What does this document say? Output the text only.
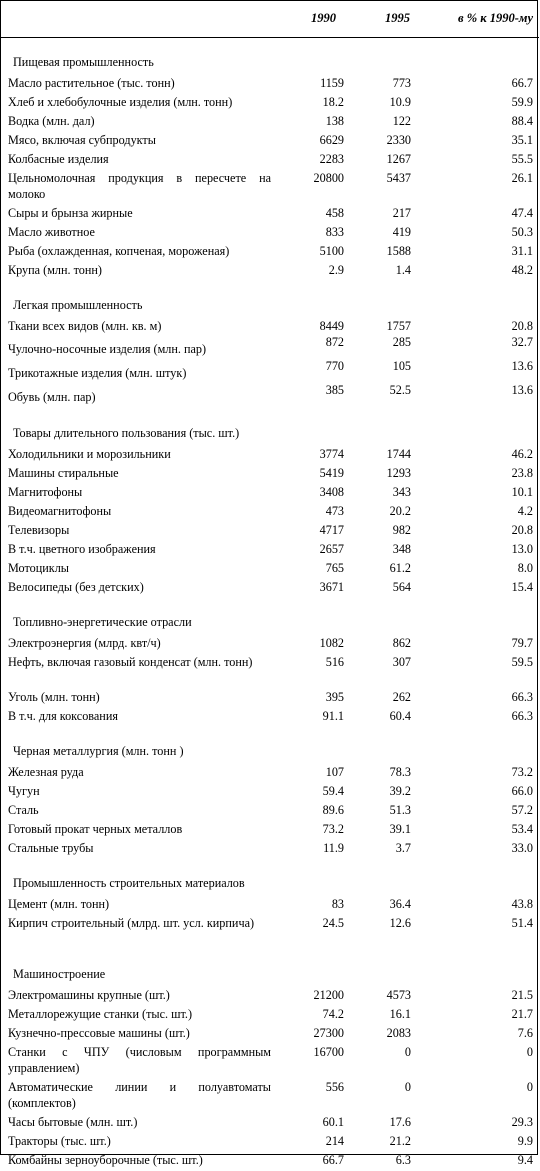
1990	1995	в % к 1990-му
Пищевая промышленность
Масло растительное (тыс. тонн)	1159	773	66.7
Хлеб и хлебобулочные изделия (млн. тонн)	18.2	10.9	59.9
Водка (млн. дал)	138	122	88.4
Мясо, включая субпродукты	6629	2330	35.1
Колбасные изделия	2283	1267	55.5
Цельномолочная продукция в пересчете на молоко
20800	5437	26.1
Сыры и брынза жирные	458	217	47.4
Масло животное	833	419	50.3
Рыба (охлажденная, копченая, мороженая)	5100	1588	31.1
Крупа (млн. тонн)	2.9	1.4	48.2
Легкая промышленность
Ткани всех видов (млн. кв. м)	8449	1757	20.8
Чулочно-носочные изделия (млн. пар)	872	285	32.7
Трикотажные изделия (млн. штук)	770	105	13.6
Обувь (млн. пар)	385	52.5	13.6
Товары длительного пользования (тыс. шт.)
Холодильники и морозильники	3774	1744	46.2
Машины стиральные	5419	1293	23.8
Магнитофоны	3408	343	10.1
Видеомагнитофоны	473	20.2	4.2
Телевизоры	4717	982	20.8
В т.ч. цветного изображения	2657	348	13.0
Мотоциклы	765	61.2	8.0
Велосипеды (без детских)	3671	564	15.4
Топливно-энергетические отрасли
Электроэнергия (млрд. квт/ч)	1082	862	79.7
Нефть, включая газовый конденсат (млн. тонн)	516	307	59.5
Уголь (млн. тонн)	395	262	66.3
В т.ч. для коксования	91.1	60.4	66.3
Черная металлургия (млн. тонн )
Железная руда	107	78.3	73.2
Чугун	59.4	39.2	66.0
Сталь	89.6	51.3	57.2
Готовый прокат черных металлов	73.2	39.1	53.4
Стальные трубы	11.9	3.7	33.0
Промышленность строительных материалов
Цемент (млн. тонн)	83	36.4	43.8
Кирпич строительный (млрд. шт. усл. кирпича)	24.5	12.6	51.4
Машиностроение
Электромашины крупные (шт.)	21200	4573	21.5
Металлорежущие станки (тыс. шт.)	74.2	16.1	21.7
Кузнечно-прессовые машины (шт.)	27300	2083	7.6
Станки с ЧПУ (числовым программным управлением)
16700	0	0
Автоматические линии и полуавтоматы (комплектов)
556	0	0
Часы бытовые (млн. шт.)	60.1	17.6	29.3
Тракторы (тыс. шт.)	214	21.2	9.9
Комбайны зерноуборочные (тыс. шт.)	66.7	6.3	9.4
